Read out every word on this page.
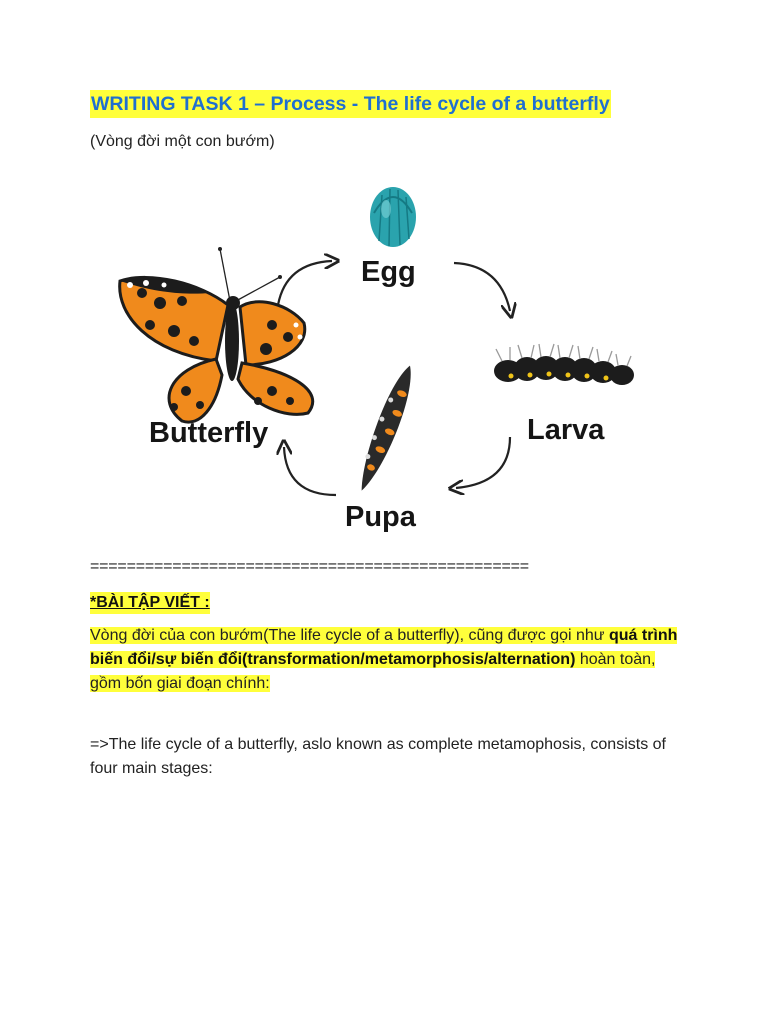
WRITING TASK 1 – Process - The life cycle of a butterfly

(Vòng đời một con bướm)

Egg
Larva
Pupa
Butterfly

================================================

*BÀI TẬP VIẾT :

Vòng đời của con bướm(The life cycle of a butterfly), cũng được gọi như quá trình biến đổi/sự biến đổi(transformation/metamorphosis/alternation) hoàn toàn, gồm bốn giai đoạn chính:

=>The life cycle of a butterfly, aslo known as complete metamophosis, consists of four main stages:
